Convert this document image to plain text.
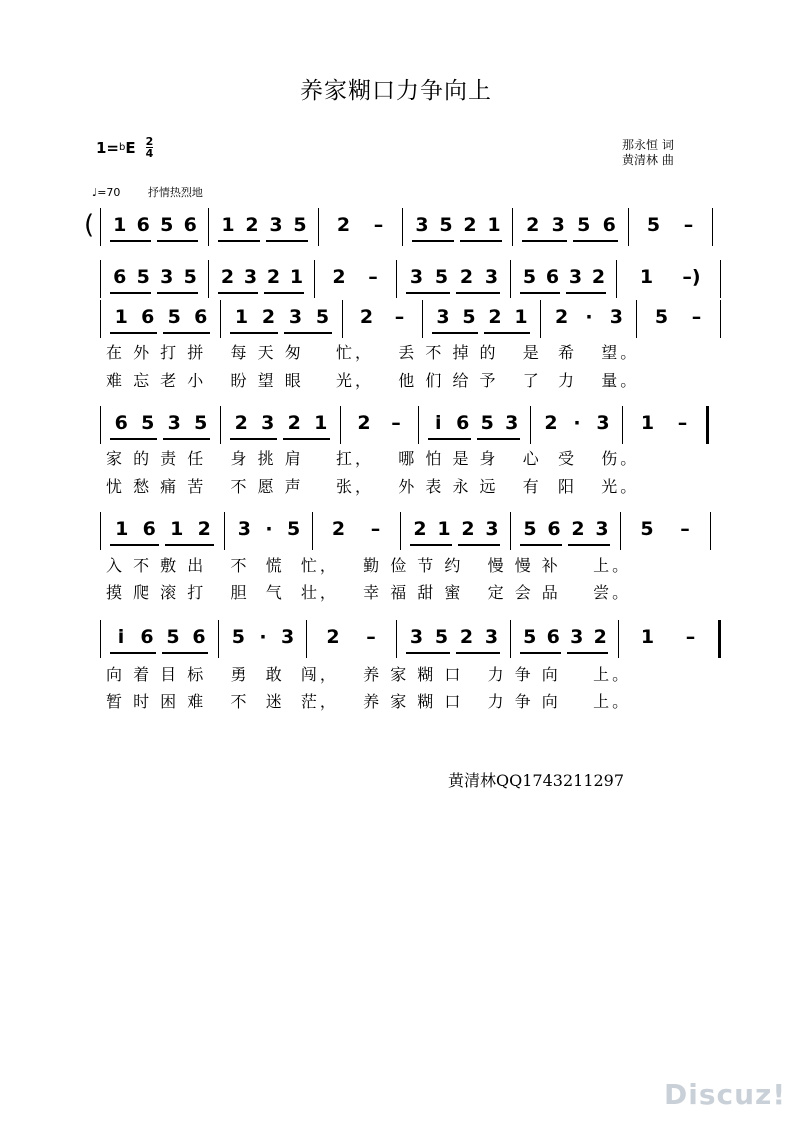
养家糊口力争向上
1= b E $\frac{2}{4}$	那永恒 词
黄清林 曲
♩=70	抒情热烈地
1 6 5 6 1 2 3 5 2	–	3 5 2 1 2 3 5 6 5	–
(
6 5 3 5 2 3 2 1 2	–	3 5 2 3 5 6 3 2 1 –)
1 6 5 6 1 2 3 5 2	–	3 5 2 1 2 · 3 5	–
6 5 3 5 2 3 2 1 2	–	i 6 5 3 2 · 3 1	–
1 6 1 2 3 · 5 2	–	2 1 2 3 5 6 2 3 5	–
i 6 5 6 5 · 3 2	–	3 5 2 3 5 6 3 2 1	–
在 外 打 拼   每 天 匆    忙，   丢 不 掉 的   是  希   望。
难 忘 老 小   盼 望 眼    光，   他 们 给 予   了  力   量。
家 的 责 任   身 挑 肩    扛，   哪 怕 是 身   心  受   伤。
忧 愁 痛 苦   不 愿 声    张，   外 表 永 远   有  阳   光。
入 不 敷 出   不  慌  忙，   勤 俭 节 约   慢 慢 补    上。
摸 爬 滚 打   胆  气  壮，   幸 福 甜 蜜   定 会 品    尝。
向 着 目 标   勇  敢  闯，   养 家 糊 口   力 争 向    上。
暂 时 困 难   不  迷  茫，   养 家 糊 口   力 争 向    上。
黄清林QQ1743211297
Discuz!
